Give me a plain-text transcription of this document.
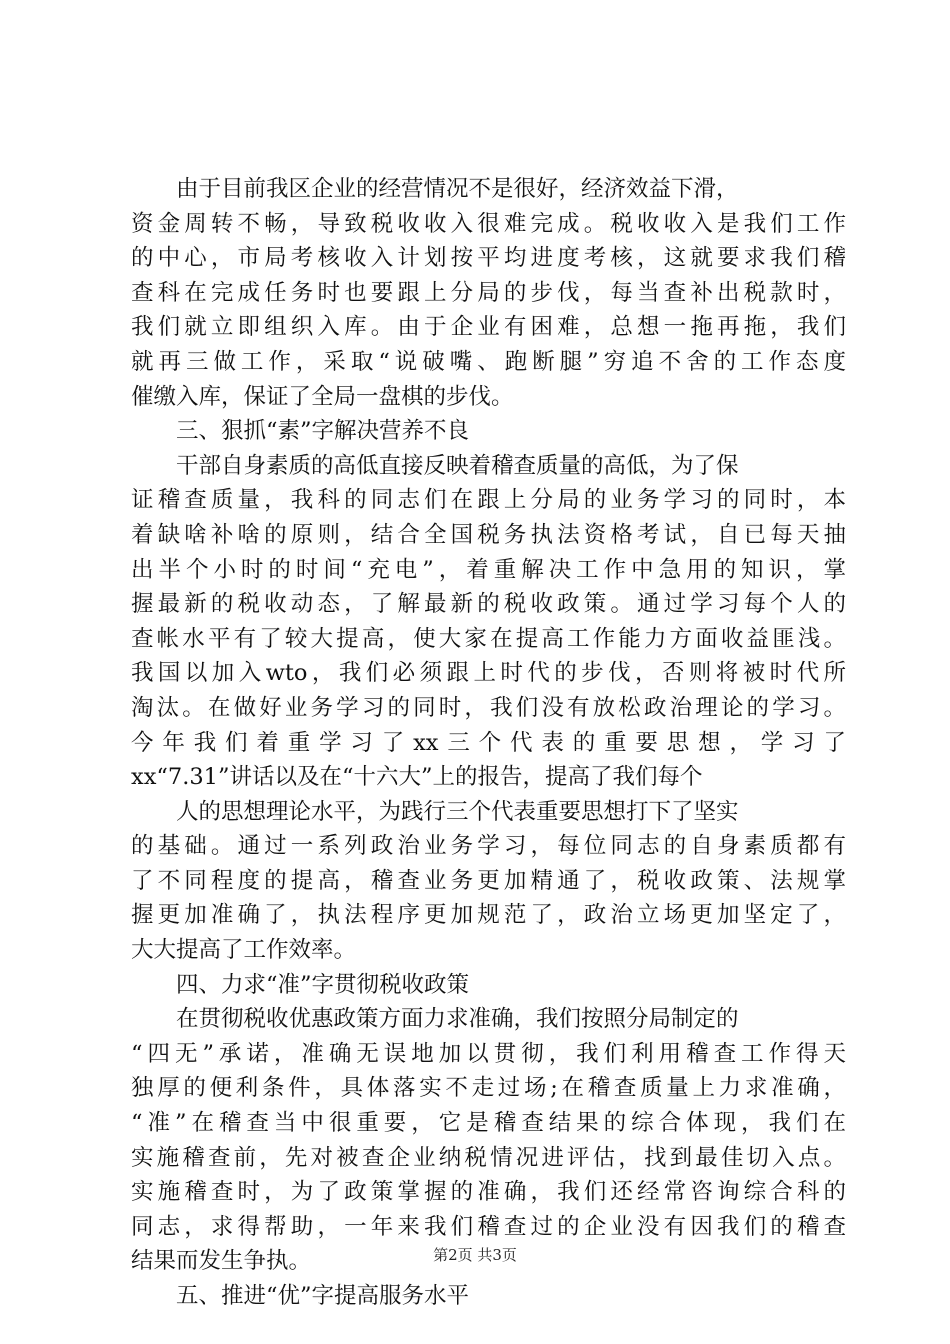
由于目前我区企业的经营情况不是很好，经济效益下滑，
资金周转不畅，导致税收收入很难完成。税收收入是我们工作
的中心，市局考核收入计划按平均进度考核，这就要求我们稽
查科在完成任务时也要跟上分局的步伐，每当查补出税款时，
我们就立即组织入库。由于企业有困难，总想一拖再拖，我们
就再三做工作，采取“说破嘴、跑断腿”穷追不舍的工作态度
催缴入库，保证了全局一盘棋的步伐。
三、狠抓“素”字解决营养不良
干部自身素质的高低直接反映着稽查质量的高低，为了保
证稽查质量，我科的同志们在跟上分局的业务学习的同时，本
着缺啥补啥的原则，结合全国税务执法资格考试，自已每天抽
出半个小时的时间“充电”，着重解决工作中急用的知识，掌
握最新的税收动态，了解最新的税收政策。通过学习每个人的
查帐水平有了较大提高，使大家在提高工作能力方面收益匪浅。
我国以加入wto，我们必须跟上时代的步伐，否则将被时代所
淘汰。在做好业务学习的同时，我们没有放松政治理论的学习。
今年我们着重学习了xx三个代表的重要思想，学习了
xx“7.31”讲话以及在“十六大”上的报告，提高了我们每个
人的思想理论水平，为践行三个代表重要思想打下了坚实
的基础。通过一系列政治业务学习，每位同志的自身素质都有
了不同程度的提高，稽查业务更加精通了，税收政策、法规掌
握更加准确了，执法程序更加规范了，政治立场更加坚定了，
大大提高了工作效率。
四、力求“准”字贯彻税收政策
在贯彻税收优惠政策方面力求准确，我们按照分局制定的
“四无”承诺，准确无误地加以贯彻，我们利用稽查工作得天
独厚的便利条件，具体落实不走过场;在稽查质量上力求准确，
“准”在稽查当中很重要，它是稽查结果的综合体现，我们在
实施稽查前，先对被查企业纳税情况进评估，找到最佳切入点。
实施稽查时，为了政策掌握的准确，我们还经常咨询综合科的
同志，求得帮助，一年来我们稽查过的企业没有因我们的稽查
结果而发生争执。
五、推进“优”字提高服务水平
第2页 共3页
